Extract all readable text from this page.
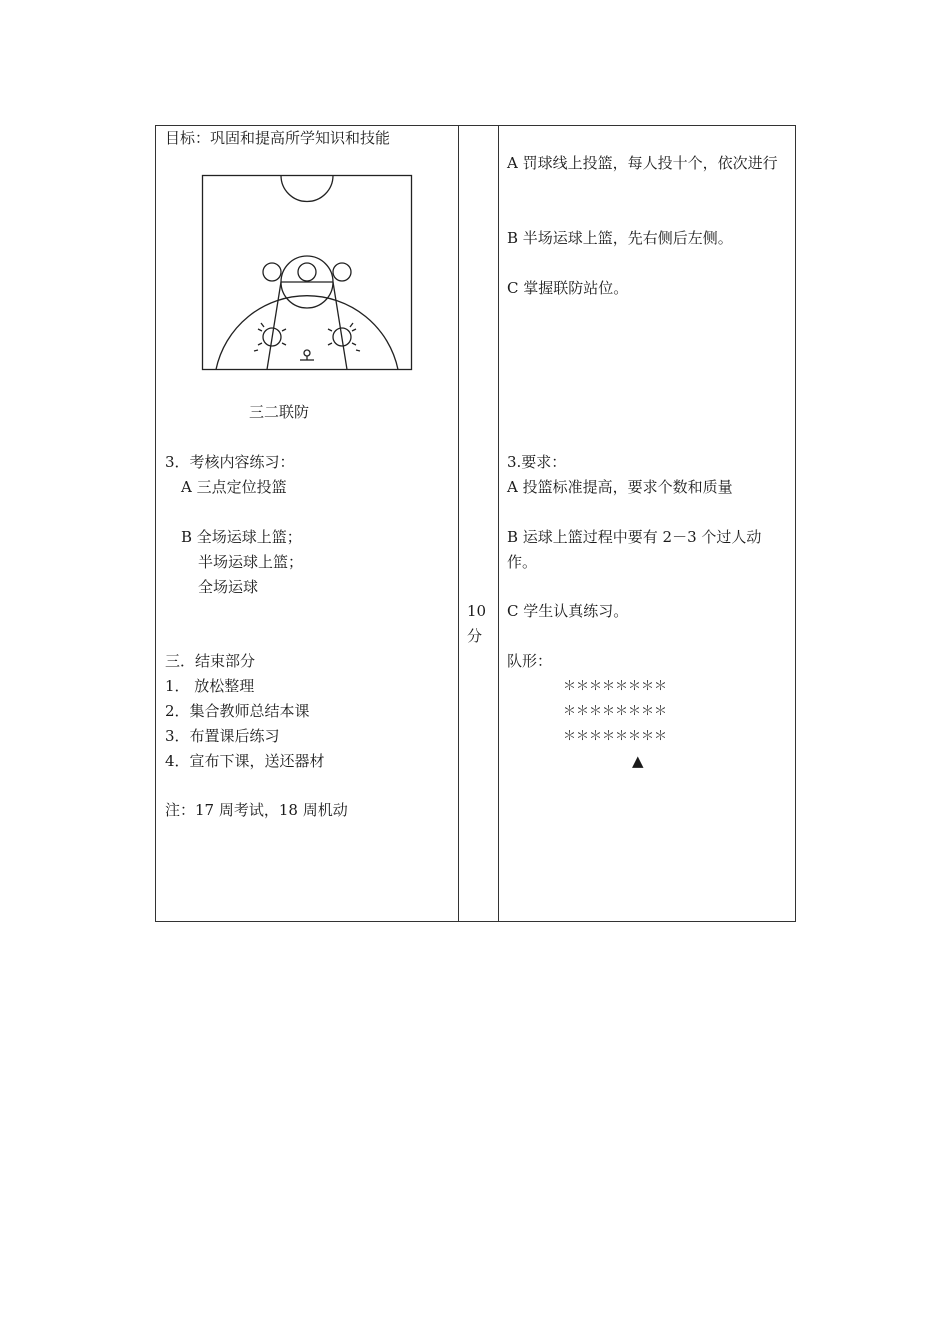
目标：巩固和提高所学知识和技能
三二联防
3．考核内容练习：
A 三点定位投篮
B 全场运球上篮；
半场运球上篮；
全场运球
三．结束部分
1． 放松整理
2．集合教师总结本课
3．布置课后练习
4．宣布下课，送还器材
注：17 周考试，18 周机动
10
分
A 罚球线上投篮，每人投十个，依次进行
B 半场运球上篮，先右侧后左侧。
C 掌握联防站位。
3.要求：
A 投篮标准提高，要求个数和质量
B 运球上篮过程中要有 2－3 个过人动作。
C 学生认真练习。
队形：
＊＊＊＊＊＊＊＊
＊＊＊＊＊＊＊＊
＊＊＊＊＊＊＊＊
▲
